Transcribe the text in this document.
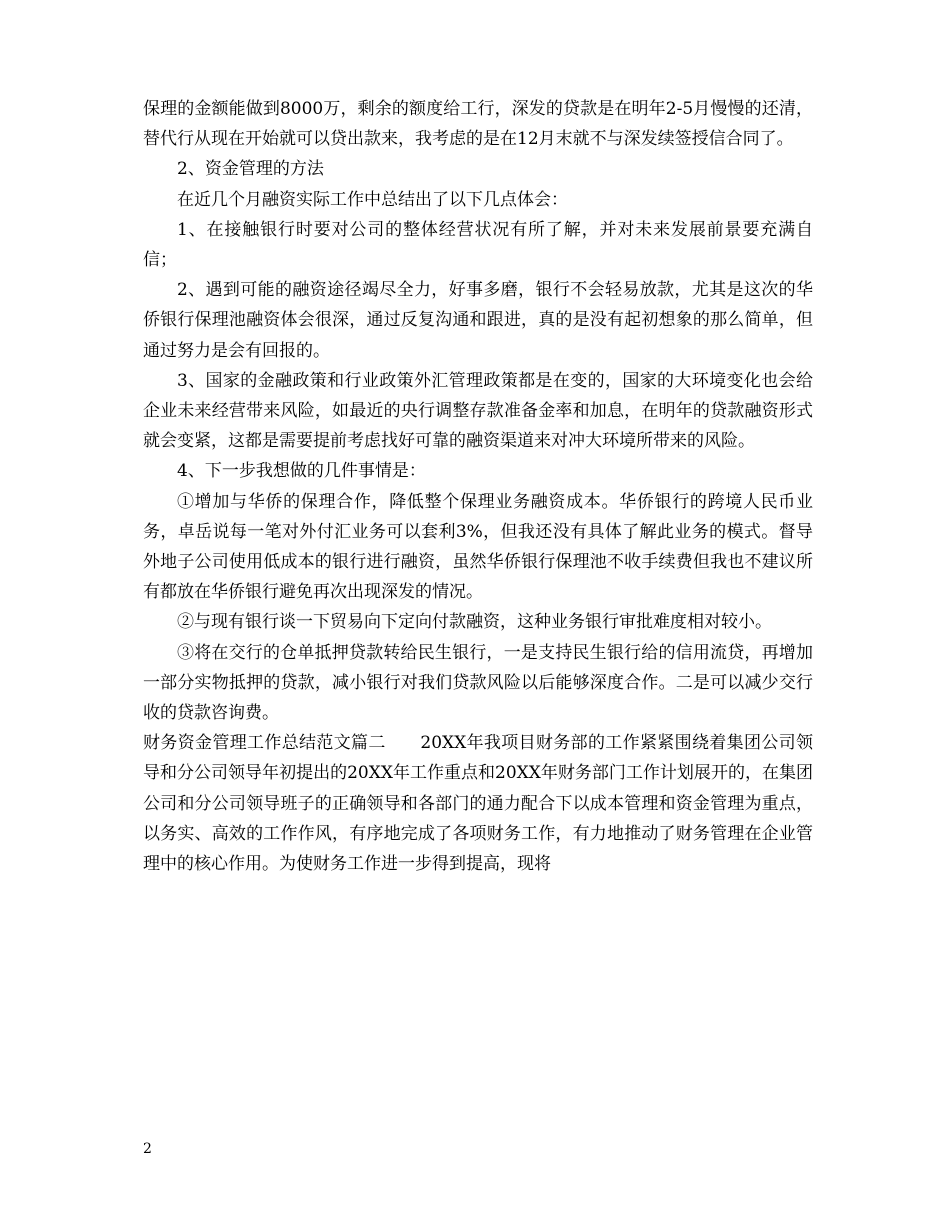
保理的金额能做到8000万，剩余的额度给工行，深发的贷款是在明年2-5月慢慢的还清，替代行从现在开始就可以贷出款来，我考虑的是在12月末就不与深发续签授信合同了。

2、资金管理的方法

在近几个月融资实际工作中总结出了以下几点体会：

1、在接触银行时要对公司的整体经营状况有所了解，并对未来发展前景要充满自信；

2、遇到可能的融资途径竭尽全力，好事多磨，银行不会轻易放款，尤其是这次的华侨银行保理池融资体会很深，通过反复沟通和跟进，真的是没有起初想象的那么简单，但通过努力是会有回报的。

3、国家的金融政策和行业政策外汇管理政策都是在变的，国家的大环境变化也会给企业未来经营带来风险，如最近的央行调整存款准备金率和加息，在明年的贷款融资形式就会变紧，这都是需要提前考虑找好可靠的融资渠道来对冲大环境所带来的风险。

4、下一步我想做的几件事情是：

①增加与华侨的保理合作，降低整个保理业务融资成本。华侨银行的跨境人民币业务，卓岳说每一笔对外付汇业务可以套利3%，但我还没有具体了解此业务的模式。督导外地子公司使用低成本的银行进行融资，虽然华侨银行保理池不收手续费但我也不建议所有都放在华侨银行避免再次出现深发的情况。

②与现有银行谈一下贸易向下定向付款融资，这种业务银行审批难度相对较小。

③将在交行的仓单抵押贷款转给民生银行，一是支持民生银行给的信用流贷，再增加一部分实物抵押的贷款，减小银行对我们贷款风险以后能够深度合作。二是可以减少交行收的贷款咨询费。

财务资金管理工作总结范文篇二　　20XX年我项目财务部的工作紧紧围绕着集团公司领导和分公司领导年初提出的20XX年工作重点和20XX年财务部门工作计划展开的，在集团公司和分公司领导班子的正确领导和各部门的通力配合下以成本管理和资金管理为重点，以务实、高效的工作作风，有序地完成了各项财务工作，有力地推动了财务管理在企业管理中的核心作用。为使财务工作进一步得到提高，现将

2
